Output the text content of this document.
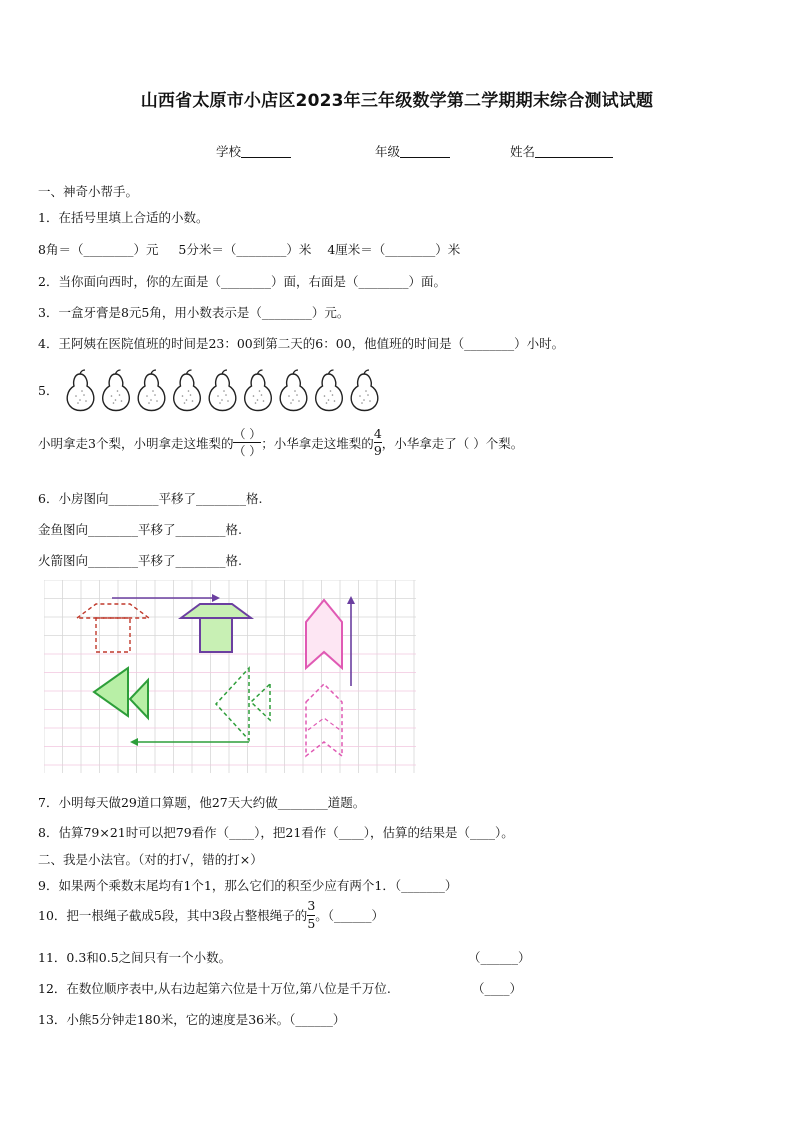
山西省太原市小店区2023年三年级数学第二学期期末综合测试试题
学校	年级	姓名
一、神奇小帮手。
1．在括号里填上合适的小数。
8角＝（________）元 5分米＝（________）米 4厘米＝（________）米
2．当你面向西时，你的左面是（________）面，右面是（________）面。
3．一盒牙膏是8元5角，用小数表示是（________）元。
4．王阿姨在医院值班的时间是23：00到第二天的6：00，他值班的时间是（________）小时。
5．
小明拿走3个梨，小明拿走这堆梨的 $\frac{( )}{( )}$ ；小华拿走这堆梨的 $\frac{4}{9}$ ，小华拿走了（ ）个梨。
6．小房图向________平移了________格.
金鱼图向________平移了________格.
火箭图向________平移了________格.
7．小明每天做29道口算题，他27天大约做________道题。
8．估算79×21时可以把79看作（____），把21看作（____），估算的结果是（____）。
二、我是小法官。（对的打√，错的打×）
9．如果两个乘数末尾均有1个1，那么它们的积至少应有两个1．（_______）
10．把一根绳子截成5段，其中3段占整根绳子的 $\frac{3}{5}$ 。（______）
11．0.3和0.5之间只有一个小数。	（______）
12．在数位顺序表中,从右边起第六位是十万位,第八位是千万位.	（____）
13．小熊5分钟走180米，它的速度是36米。（______）
